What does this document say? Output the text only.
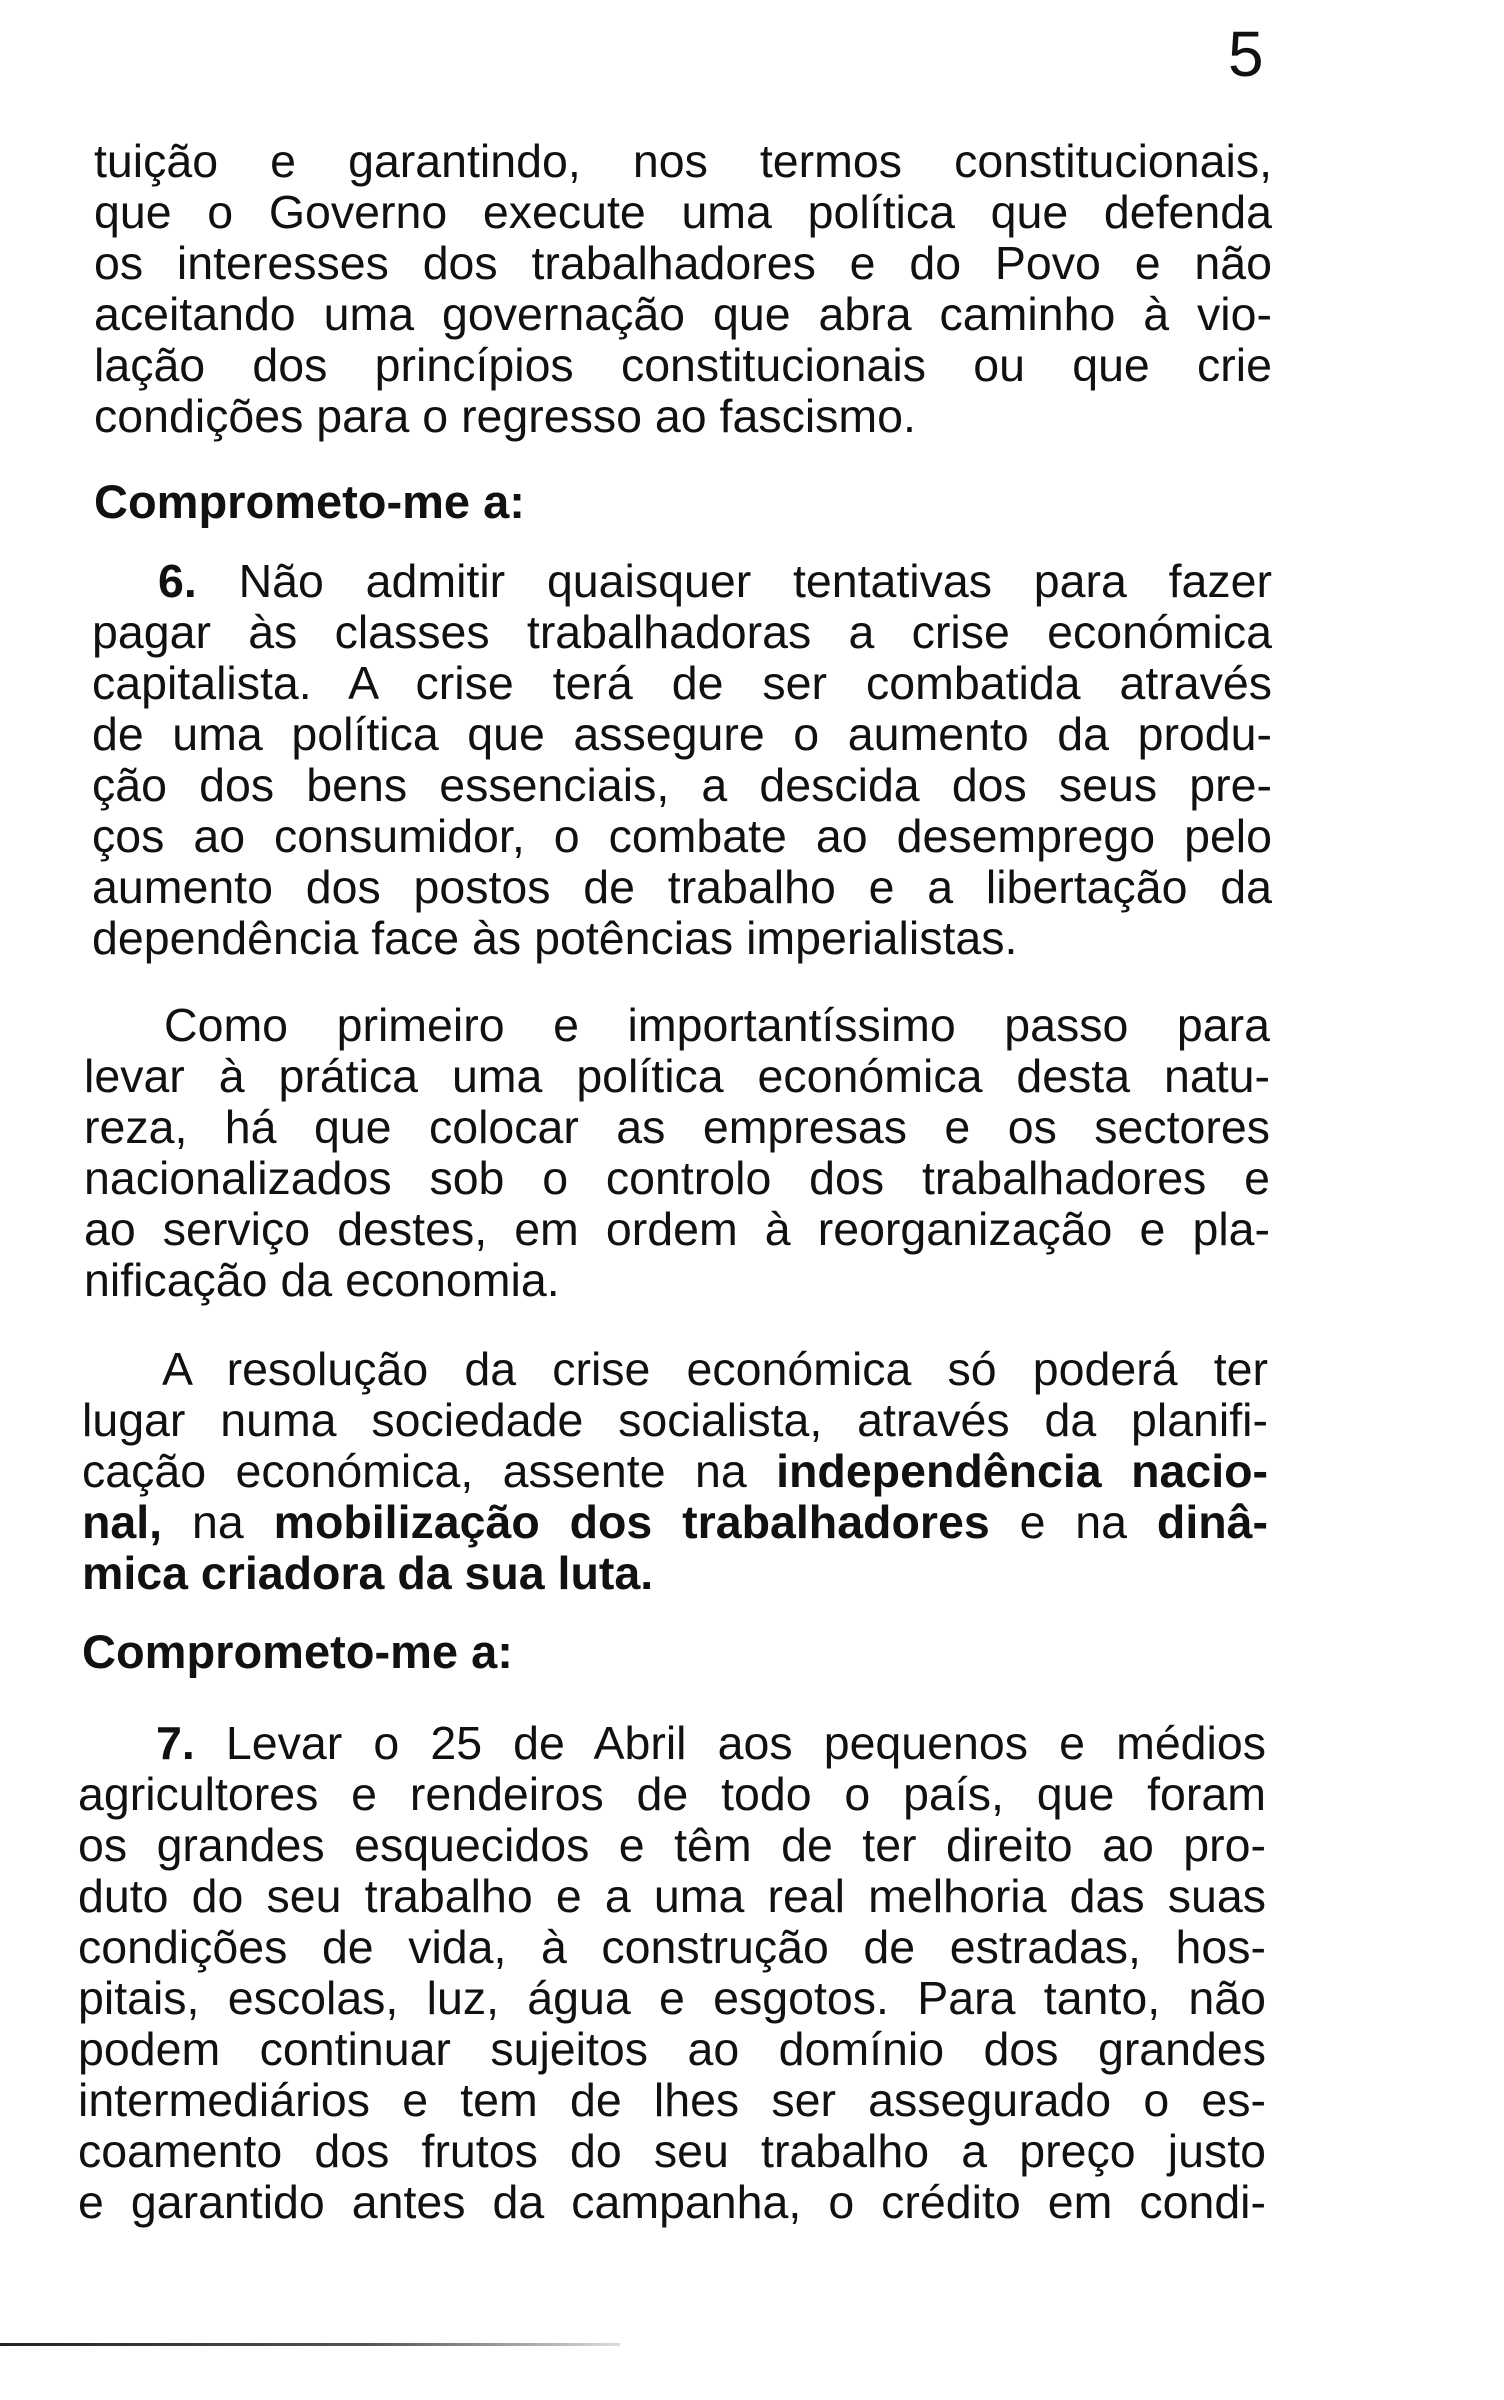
5
tuição e garantindo, nos termos constitucionais,
que o Governo execute uma política que defenda
os interesses dos trabalhadores e do Povo e não
aceitando uma governação que abra caminho à vio-
lação dos princípios constitucionais ou que crie
condições para o regresso ao fascismo.
Comprometo-me a:
6. Não admitir quaisquer tentativas para fazer
pagar às classes trabalhadoras a crise económica
capitalista. A crise terá de ser combatida através
de uma política que assegure o aumento da produ-
ção dos bens essenciais, a descida dos seus pre-
ços ao consumidor, o combate ao desemprego pelo
aumento dos postos de trabalho e a libertação da
dependência face às potências imperialistas.
Como primeiro e importantíssimo passo para
levar à prática uma política económica desta natu-
reza, há que colocar as empresas e os sectores
nacionalizados sob o controlo dos trabalhadores e
ao serviço destes, em ordem à reorganização e pla-
nificação da economia.
A resolução da crise económica só poderá ter
lugar numa sociedade socialista, através da planifi-
cação económica, assente na independência nacio-
nal, na mobilização dos trabalhadores e na dinâ-
mica criadora da sua luta.
Comprometo-me a:
7. Levar o 25 de Abril aos pequenos e médios
agricultores e rendeiros de todo o país, que foram
os grandes esquecidos e têm de ter direito ao pro-
duto do seu trabalho e a uma real melhoria das suas
condições de vida, à construção de estradas, hos-
pitais, escolas, luz, água e esgotos. Para tanto, não
podem continuar sujeitos ao domínio dos grandes
intermediários e tem de lhes ser assegurado o es-
coamento dos frutos do seu trabalho a preço justo
e garantido antes da campanha, o crédito em condi-
